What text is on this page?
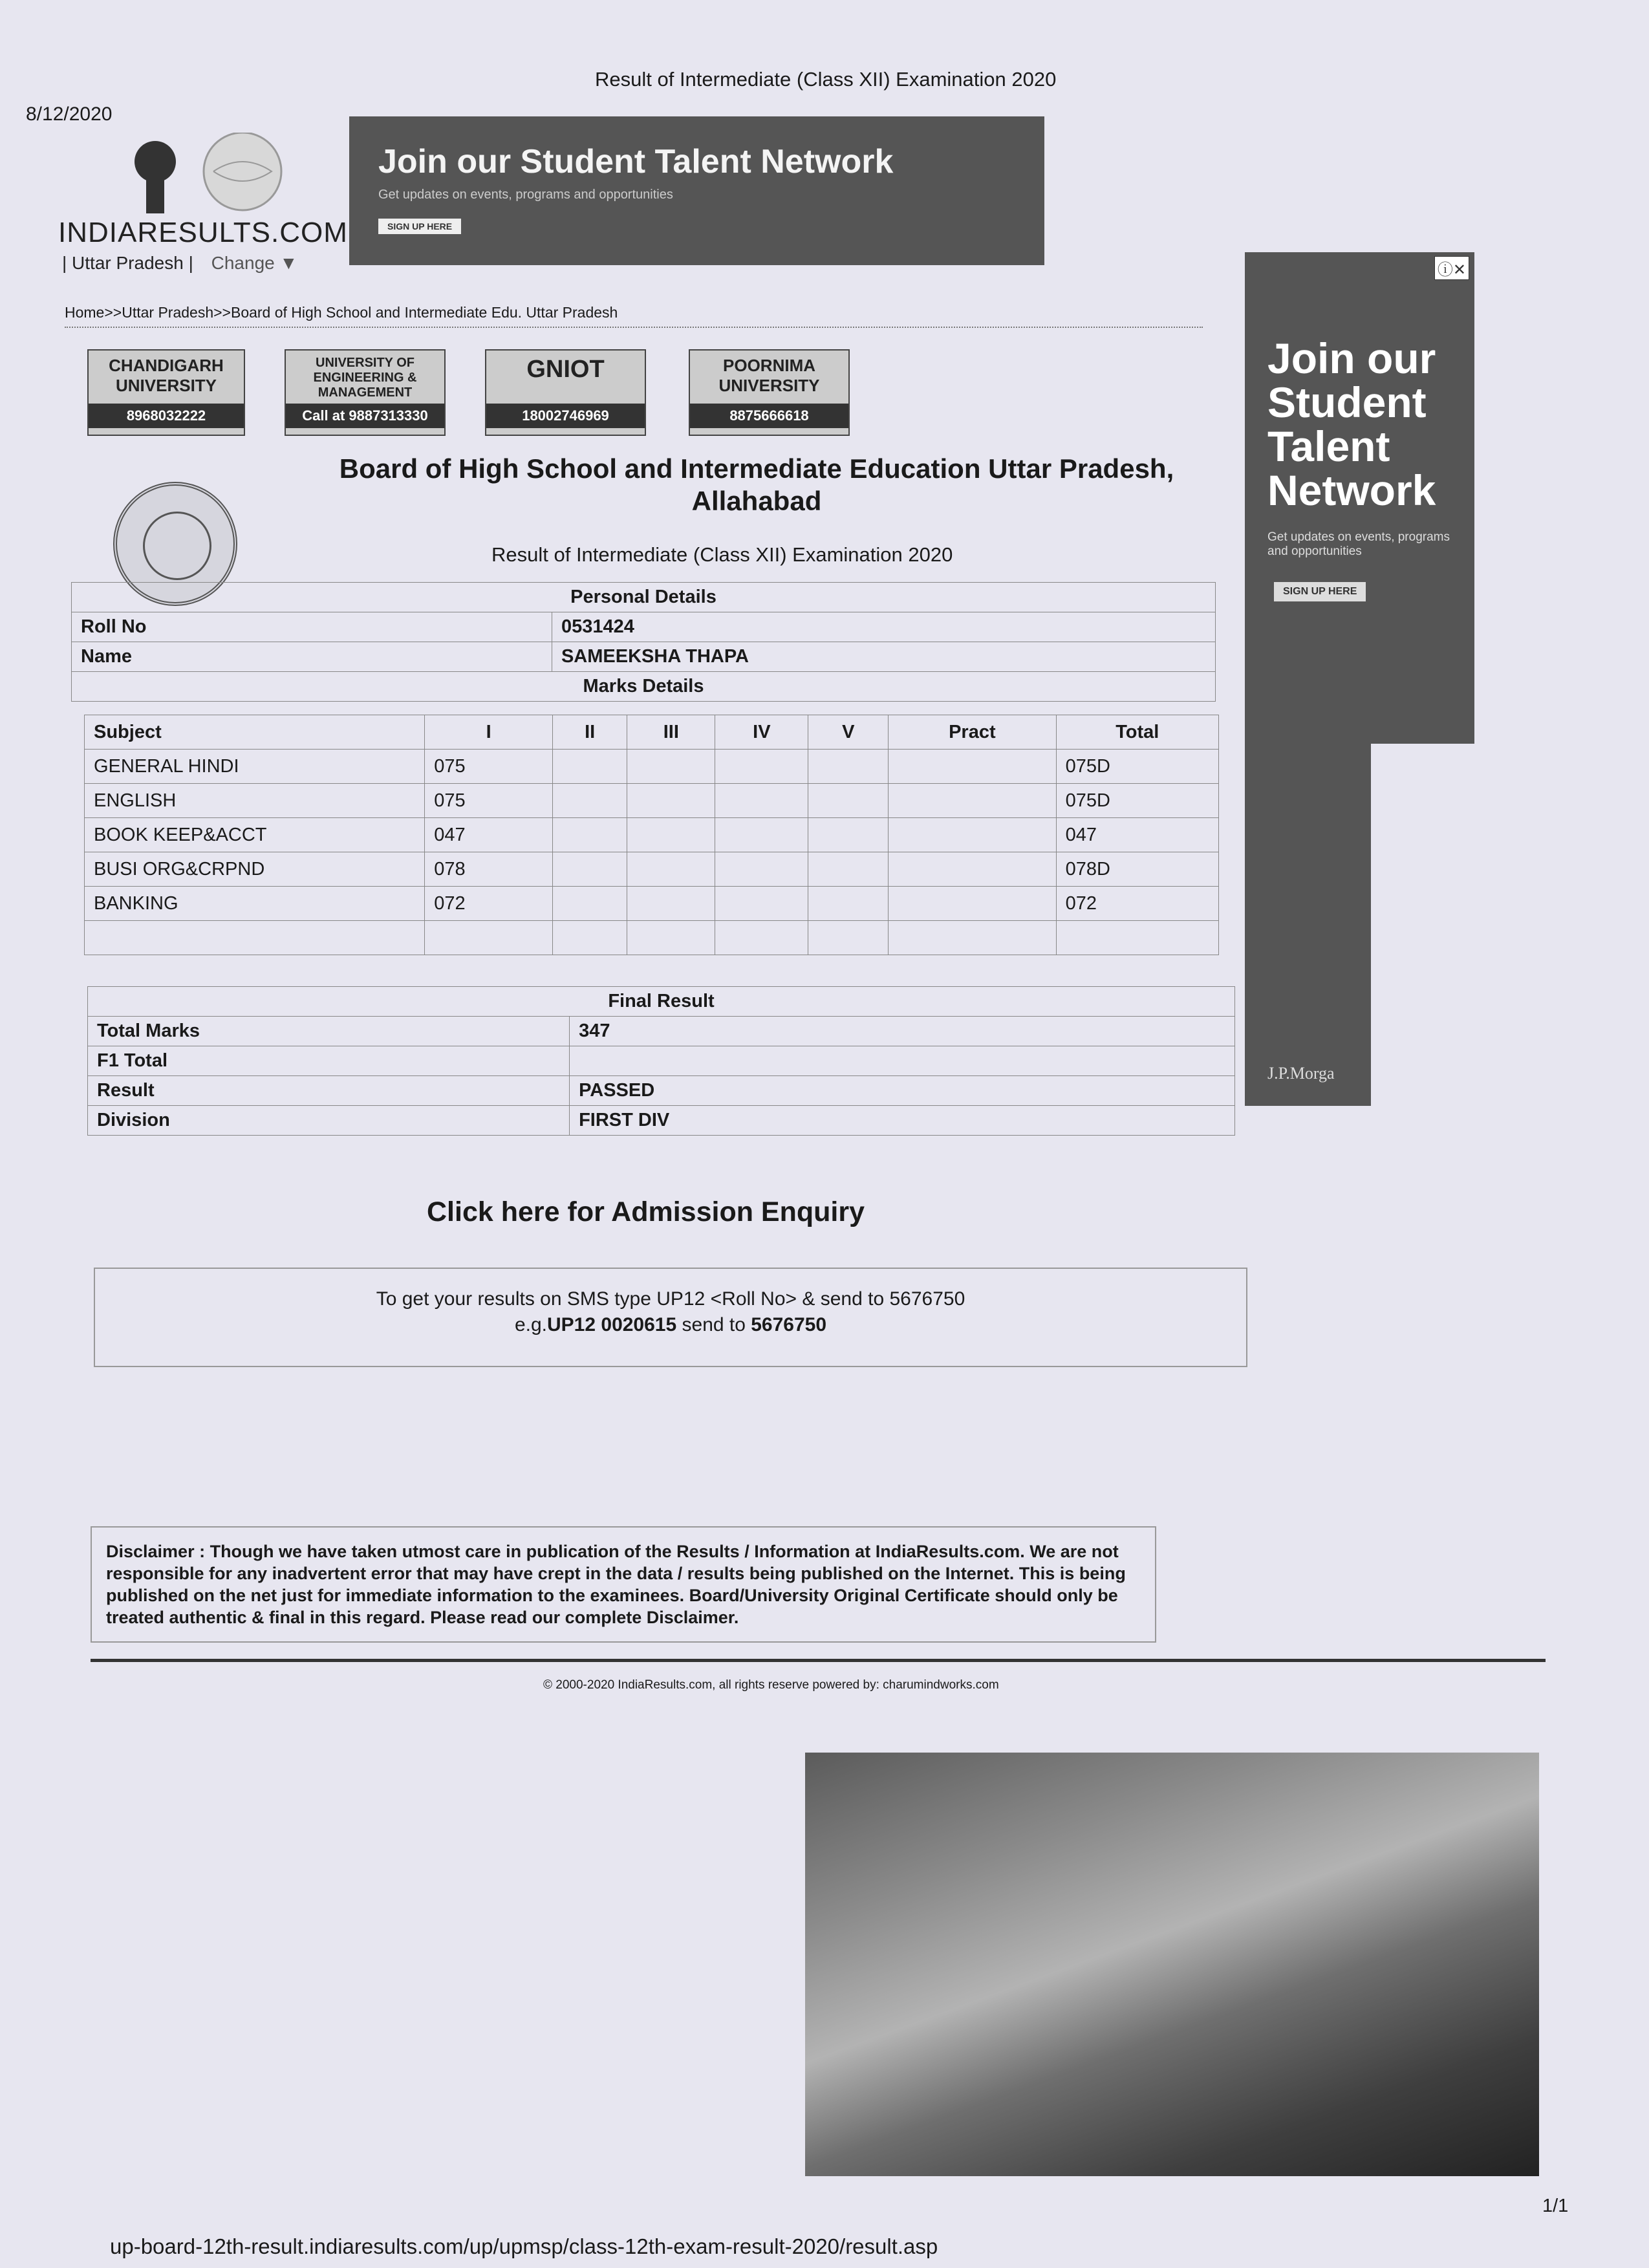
8/12/2020
Result of Intermediate (Class XII) Examination 2020
INDIARESULTS.COM
| Uttar Pradesh | Change ▼
Join our Student Talent Network
Get updates on events, programs and opportunities
SIGN UP HERE
ⓘ✕
Join our Student Talent Network
Get updates on events, programs and opportunities
SIGN UP HERE
J.P.Morga
Home>>Uttar Pradesh>>Board of High School and Intermediate Edu. Uttar Pradesh
CHANDIGARH UNIVERSITY
8968032222
UNIVERSITY OF ENGINEERING & MANAGEMENT
Call at 9887313330
GNIOT
18002746969
POORNIMA UNIVERSITY
8875666618
Board of High School and Intermediate Education Uttar Pradesh,
Allahabad
Result of Intermediate (Class XII) Examination 2020
Personal Details	
Roll No	0531424
Name	SAMEEKSHA THAPA
Marks Details	
Subject	I	II	III	IV	V	Pract	Total
GENERAL HINDI	075						075D
ENGLISH	075						075D
BOOK KEEP&ACCT	047						047
BUSI ORG&CRPND	078						078D
BANKING	072						072

Final Result	
Total Marks	347
F1 Total	
Result	PASSED
Division	FIRST DIV
Click here for Admission Enquiry
To get your results on SMS type UP12 <Roll No> & send to 5676750
e.g.UP12 0020615 send to 5676750
Disclaimer : Though we have taken utmost care in publication of the Results / Information at IndiaResults.com. We are not responsible for any inadvertent error that may have crept in the data / results being published on the Internet. This is being published on the net just for immediate information to the examinees. Board/University Original Certificate should only be treated authentic & final in this regard. Please read our complete Disclaimer.
© 2000-2020 IndiaResults.com, all rights reserve powered by: charumindworks.com
1/1
up-board-12th-result.indiaresults.com/up/upmsp/class-12th-exam-result-2020/result.asp
